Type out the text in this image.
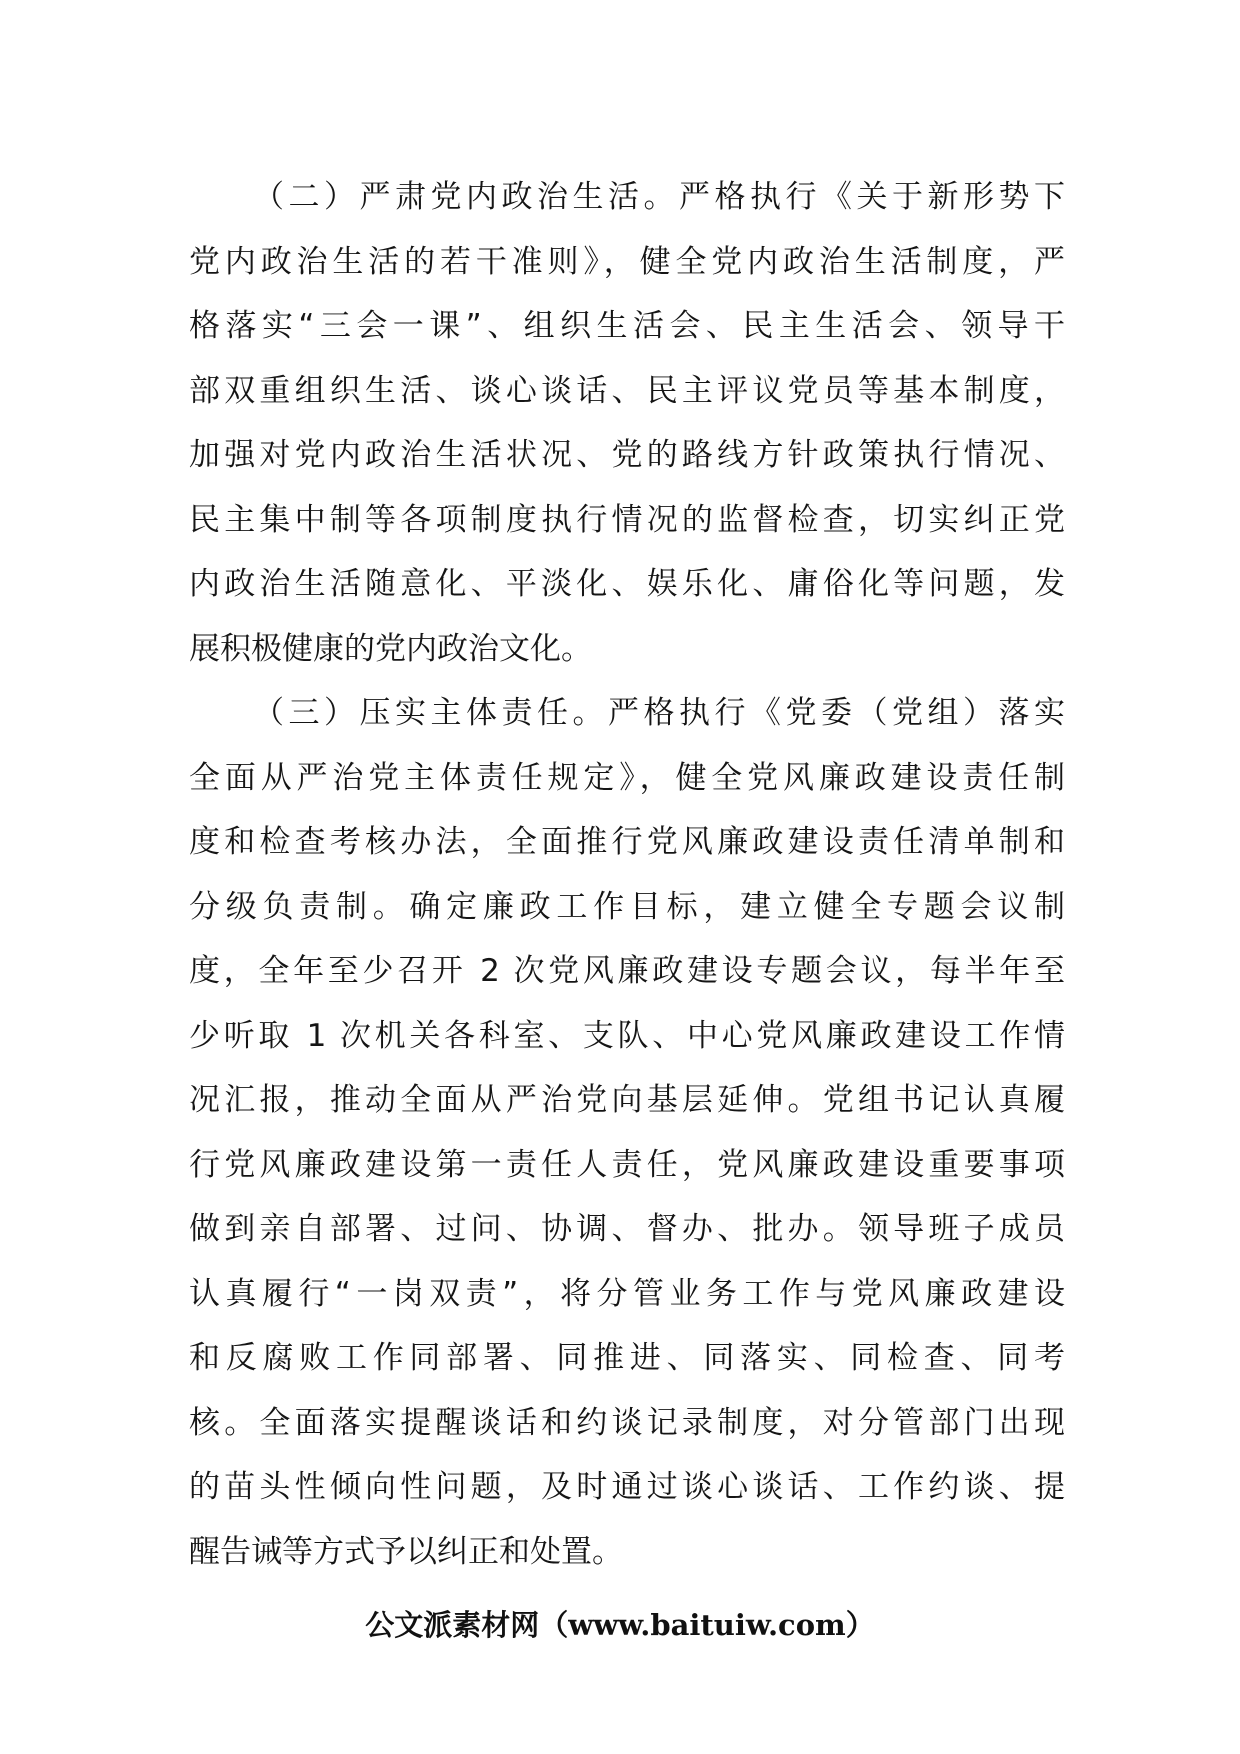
（二）严肃党内政治生活。严格执行《关于新形势下
党内政治生活的若干准则》，健全党内政治生活制度，严
格落实“三会一课”、组织生活会、民主生活会、领导干
部双重组织生活、谈心谈话、民主评议党员等基本制度，
加强对党内政治生活状况、党的路线方针政策执行情况、
民主集中制等各项制度执行情况的监督检查，切实纠正党
内政治生活随意化、平淡化、娱乐化、庸俗化等问题，发
展积极健康的党内政治文化。
（三）压实主体责任。严格执行《党委（党组）落实
全面从严治党主体责任规定》，健全党风廉政建设责任制
度和检查考核办法，全面推行党风廉政建设责任清单制和
分级负责制。确定廉政工作目标，建立健全专题会议制
度，全年至少召开 2 次党风廉政建设专题会议，每半年至
少听取 1 次机关各科室、支队、中心党风廉政建设工作情
况汇报，推动全面从严治党向基层延伸。党组书记认真履
行党风廉政建设第一责任人责任，党风廉政建设重要事项
做到亲自部署、过问、协调、督办、批办。领导班子成员
认真履行“一岗双责”，将分管业务工作与党风廉政建设
和反腐败工作同部署、同推进、同落实、同检查、同考
核。全面落实提醒谈话和约谈记录制度，对分管部门出现
的苗头性倾向性问题，及时通过谈心谈话、工作约谈、提
醒告诫等方式予以纠正和处置。
公文派素材网（www.baituiw.com）
